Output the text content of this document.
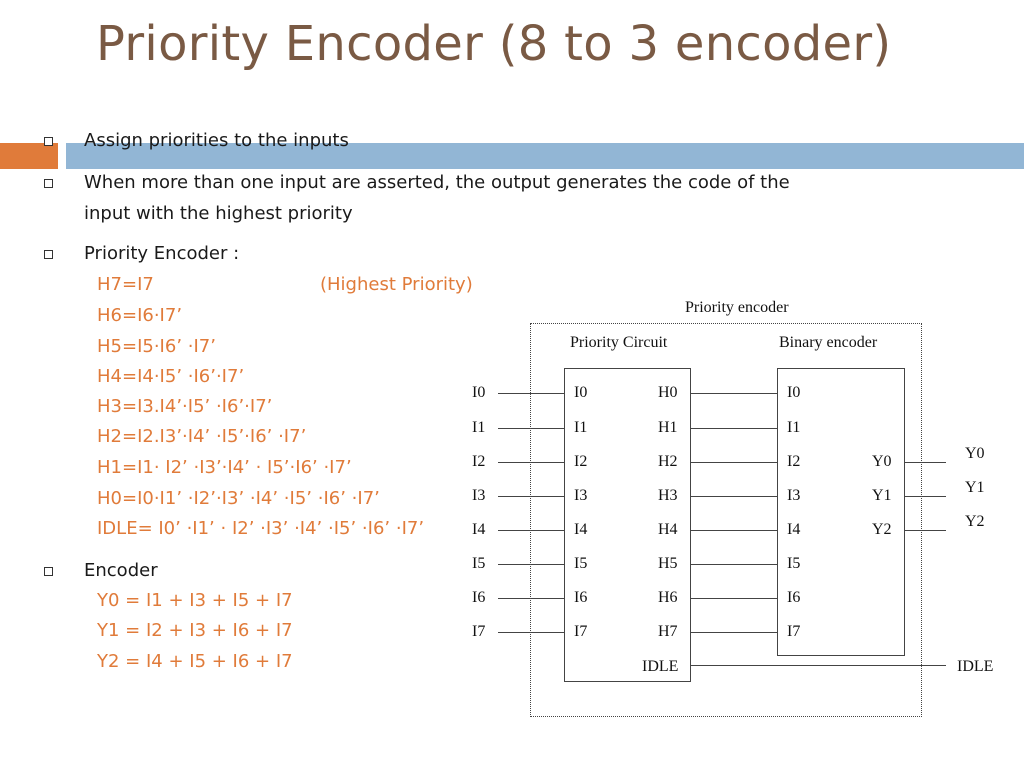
Priority Encoder (8 to 3 encoder)
Assign priorities to the inputs
When more than one input are asserted, the output generates the code of the
input with the highest priority
Priority Encoder :
H7=I7	(Highest Priority)
H6=I6·I7’
H5=I5·I6’ ·I7’
H4=I4·I5’ ·I6’·I7’
H3=I3.I4’·I5’ ·I6’·I7’
H2=I2.I3’·I4’ ·I5’·I6’ ·I7’
H1=I1· I2’ ·I3’·I4’ · I5’·I6’ ·I7’
H0=I0·I1’ ·I2’·I3’ ·I4’ ·I5’ ·I6’ ·I7’
IDLE= I0’ ·I1’ · I2’ ·I3’ ·I4’ ·I5’ ·I6’ ·I7’
Encoder
Y0 = I1 + I3 + I5 + I7
Y1 = I2 + I3 + I6 + I7
Y2 = I4 + I5 + I6 + I7
Priority encoder
Priority Circuit	Binary encoder
I0
I1
I2
I3
I4
I5
I6
I7
I0
I1
I2
I3
I4
I5
I6
I7
H0
H1
H2
H3
H4
H5
H6
H7
IDLE
I0
I1
I2
I3
I4
I5
I6
I7
Y0
Y1
Y2
Y0
Y1
Y2
IDLE
